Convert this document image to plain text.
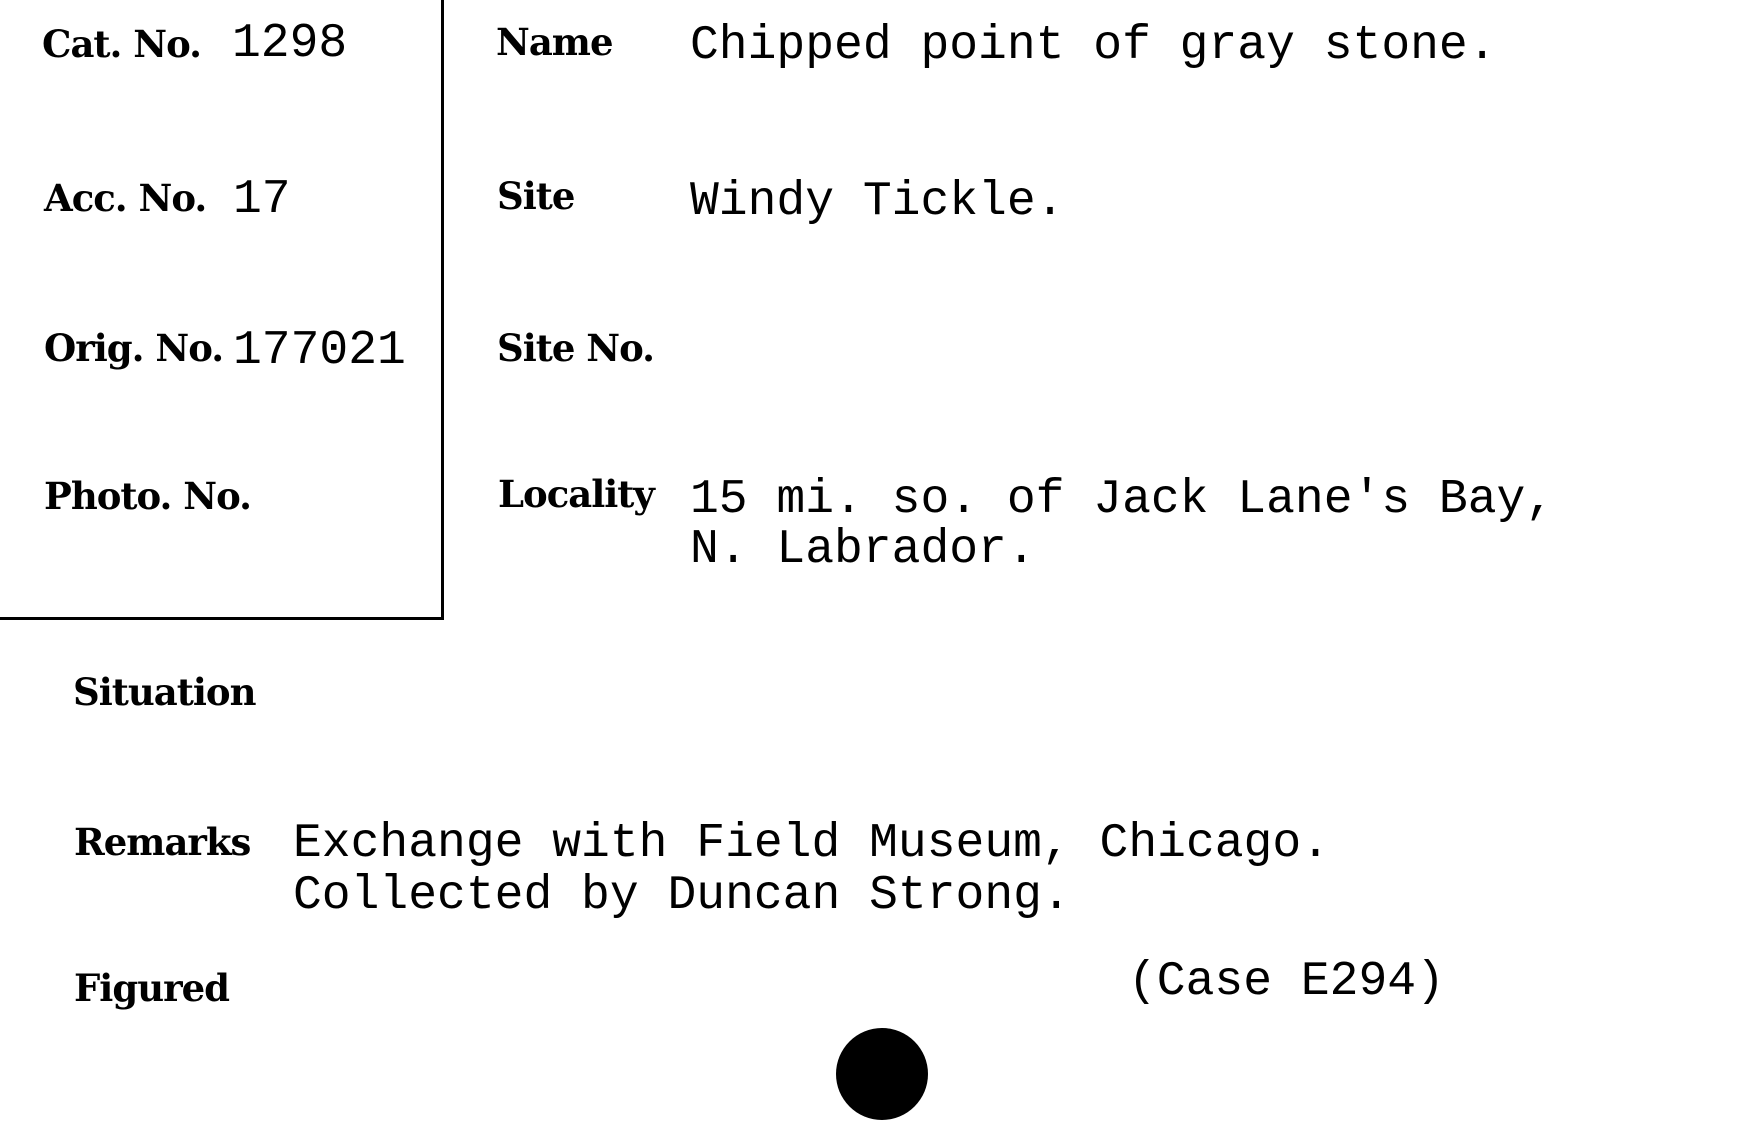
Cat. No. 1298
Acc. No. 17
Orig. No. 177021
Photo. No.
Name Chipped point of gray stone.
Site Windy Tickle.
Site No.
Locality 15 mi. so. of Jack Lane's Bay,
N. Labrador.
Situation
Remarks Exchange with Field Museum, Chicago.
Collected by Duncan Strong.
Figured	(Case E294)
